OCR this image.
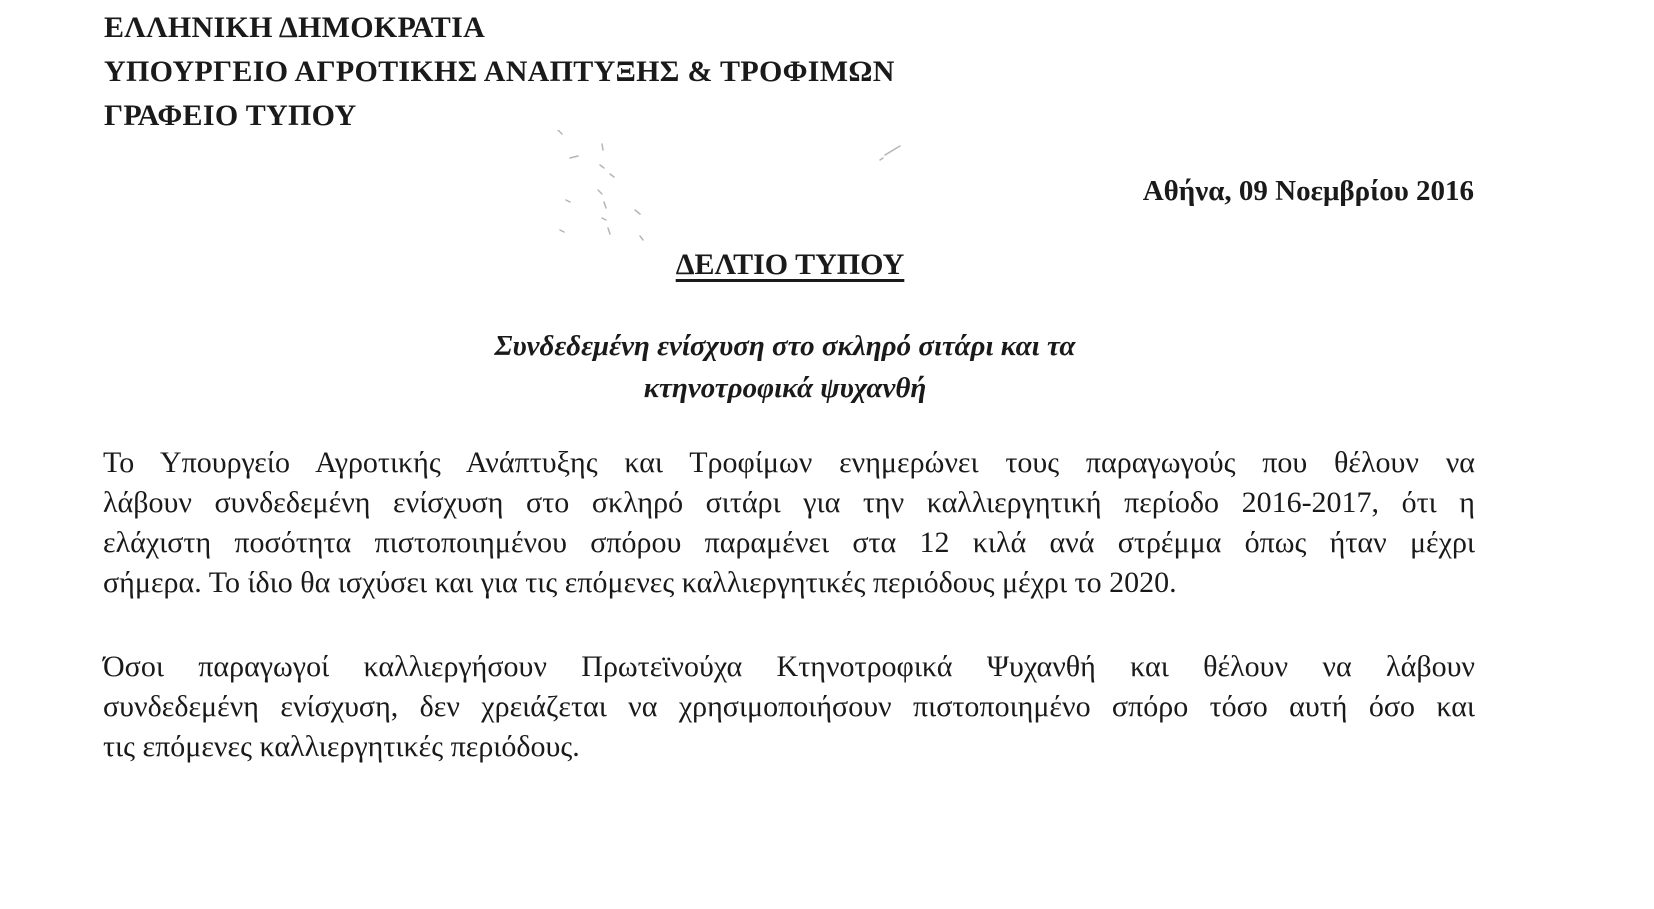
ΕΛΛΗΝΙΚΗ ΔΗΜΟΚΡΑΤΙΑ
ΥΠΟΥΡΓΕΙΟ ΑΓΡΟΤΙΚΗΣ ΑΝΑΠΤΥΞΗΣ & ΤΡΟΦΙΜΩΝ
ΓΡΑΦΕΙΟ ΤΥΠΟΥ
Αθήνα, 09 Νοεμβρίου 2016
ΔΕΛΤΙΟ ΤΥΠΟΥ
Συνδεδεμένη ενίσχυση στο σκληρό σιτάρι και τα
κτηνοτροφικά ψυχανθή
Το Υπουργείο Αγροτικής Ανάπτυξης και Τροφίμων ενημερώνει τους παραγωγούς που θέλουν να
λάβουν συνδεδεμένη ενίσχυση στο σκληρό σιτάρι για την καλλιεργητική περίοδο 2016-2017, ότι η
ελάχιστη ποσότητα πιστοποιημένου σπόρου παραμένει στα 12 κιλά ανά στρέμμα όπως ήταν μέχρι
σήμερα. Το ίδιο θα ισχύσει και για τις επόμενες καλλιεργητικές περιόδους μέχρι το 2020.
Όσοι παραγωγοί καλλιεργήσουν Πρωτεϊνούχα Κτηνοτροφικά Ψυχανθή και θέλουν να λάβουν
συνδεδεμένη ενίσχυση, δεν χρειάζεται να χρησιμοποιήσουν πιστοποιημένο σπόρο τόσο αυτή όσο και
τις επόμενες καλλιεργητικές περιόδους.
